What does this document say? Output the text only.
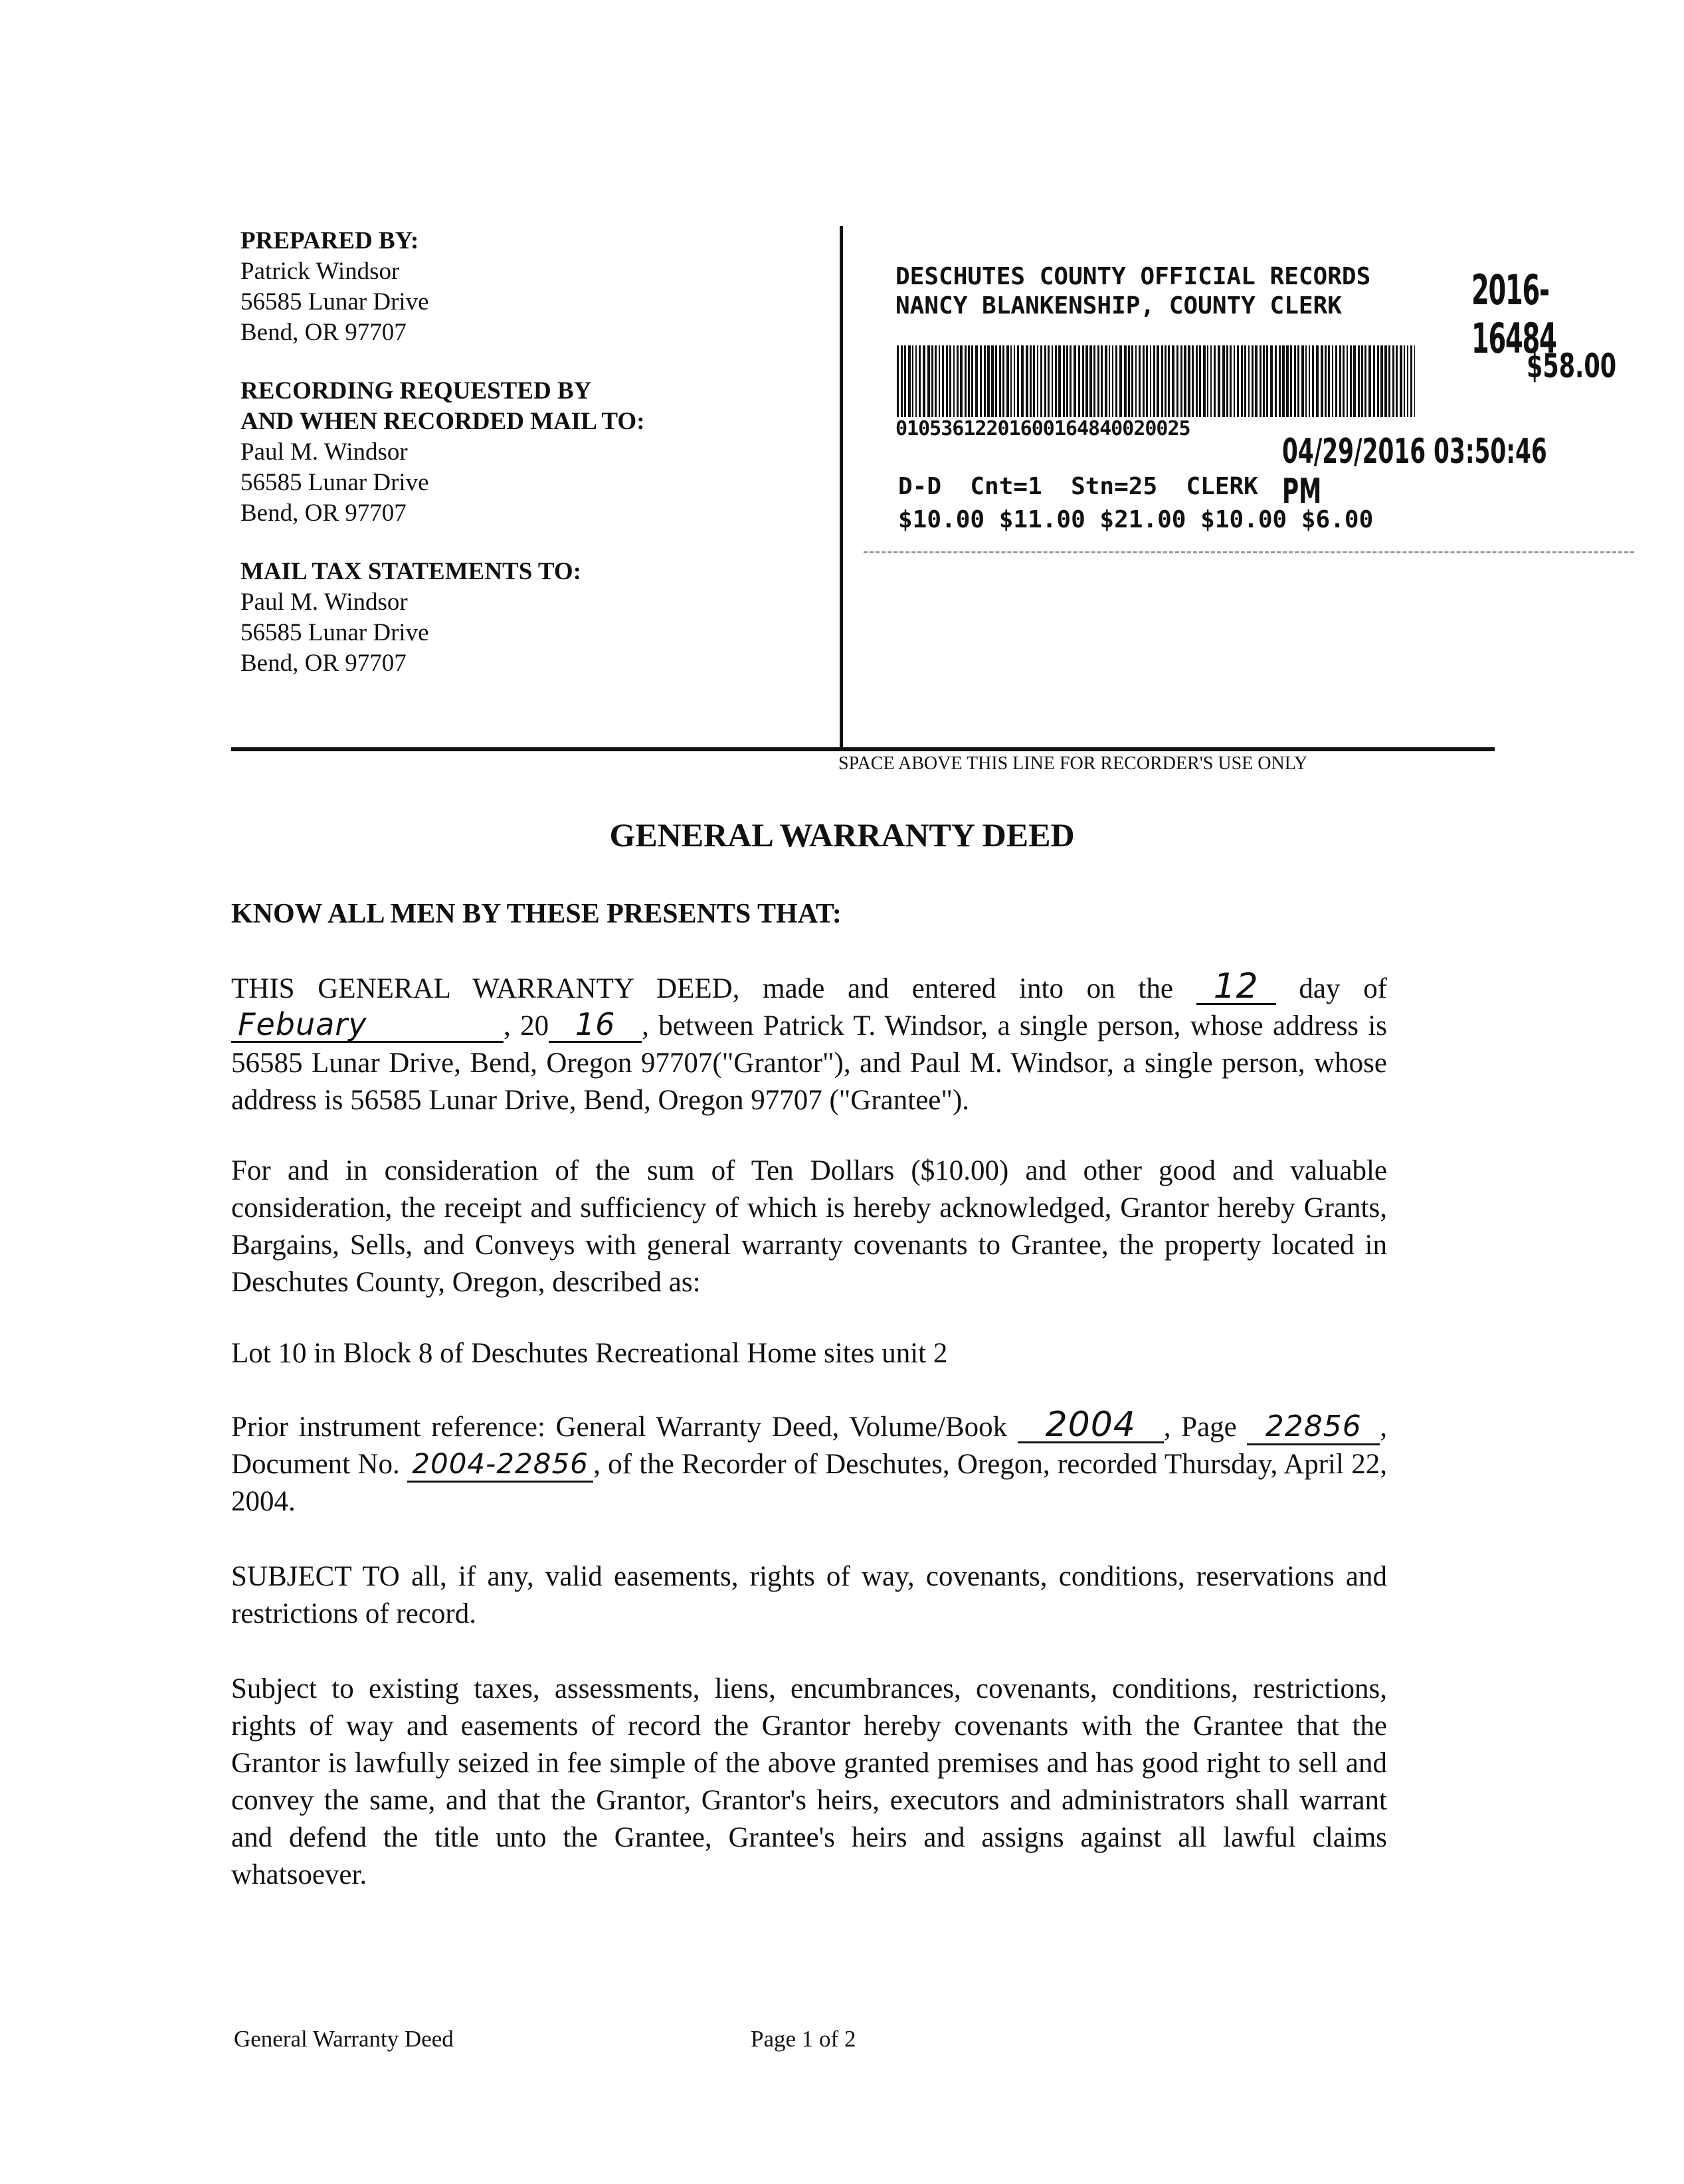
PREPARED BY:
Patrick Windsor
56585 Lunar Drive
Bend, OR 97707
RECORDING REQUESTED BY
AND WHEN RECORDED MAIL TO:
Paul M. Windsor
56585 Lunar Drive
Bend, OR 97707
MAIL TAX STATEMENTS TO:
Paul M. Windsor
56585 Lunar Drive
Bend, OR 97707
SPACE ABOVE THIS LINE FOR RECORDER'S USE ONLY
DESCHUTES COUNTY OFFICIAL RECORDS
NANCY BLANKENSHIP, COUNTY CLERK	2016-16484
$58.00
01053612201600164840020025
04/29/2016 03:50:46 PM
D-D  Cnt=1  Stn=25  CLERK
$10.00 $11.00 $21.00 $10.00 $6.00
GENERAL WARRANTY DEED
KNOW ALL MEN BY THESE PRESENTS THAT:
THIS GENERAL WARRANTY DEED, made and entered into on the 12 day ofFebuary	, 20 16 , between Patrick T. Windsor, a single person, whose address is 56585 Lunar Drive, Bend, Oregon 97707("Grantor"), and Paul M. Windsor, a single person, whose address is 56585 Lunar Drive, Bend, Oregon 97707 ("Grantee").
For and in consideration of the sum of Ten Dollars ($10.00) and other good and valuable consideration, the receipt and sufficiency of which is hereby acknowledged, Grantor hereby Grants, Bargains, Sells, and Conveys with general warranty covenants to Grantee, the property located in Deschutes County, Oregon, described as:
Lot 10 in Block 8 of Deschutes Recreational Home sites unit 2
Prior instrument reference: General Warranty Deed, Volume/Book 2004 , Page 22856 , Document No. 2004-22856 , of the Recorder of Deschutes, Oregon, recorded Thursday, April 22, 2004.
SUBJECT TO all, if any, valid easements, rights of way, covenants, conditions, reservations and restrictions of record.
Subject to existing taxes, assessments, liens, encumbrances, covenants, conditions, restrictions, rights of way and easements of record the Grantor hereby covenants with the Grantee that the Grantor is lawfully seized in fee simple of the above granted premises and has good right to sell and convey the same, and that the Grantor, Grantor's heirs, executors and administrators shall warrant and defend the title unto the Grantee, Grantee's heirs and assigns against all lawful claims whatsoever.
General Warranty Deed	Page 1 of 2
